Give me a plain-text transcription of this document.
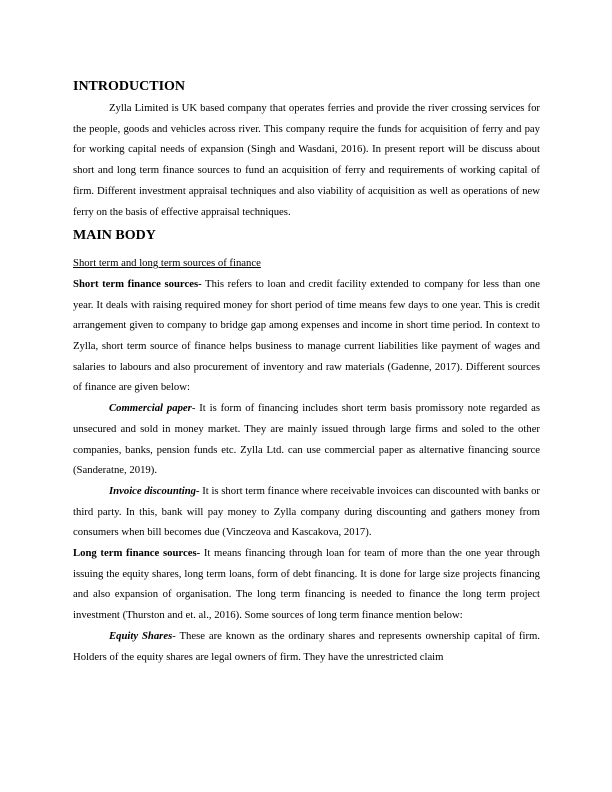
INTRODUCTION

Zylla Limited is UK based company that operates ferries and provide the river crossing services for the people, goods and vehicles across river. This company require the funds for acquisition of ferry and pay for working capital needs of expansion (Singh and Wasdani, 2016). In present report will be discuss about short and long term finance sources to fund an acquisition of ferry and requirements of working capital of firm. Different investment appraisal techniques and also viability of acquisition as well as operations of new ferry on the basis of effective appraisal techniques.

MAIN BODY

Short term and long term sources of finance

Short term finance sources- This refers to loan and credit facility extended to company for less than one year. It deals with raising required money for short period of time means few days to one year. This is credit arrangement given to company to bridge gap among expenses and income in short time period. In context to Zylla, short term source of finance helps business to manage current liabilities like payment of wages and salaries to labours and also procurement of inventory and raw materials (Gadenne, 2017). Different sources of finance are given below:

Commercial paper- It is form of financing includes short term basis promissory note regarded as unsecured and sold in money market. They are mainly issued through large firms and soled to the other companies, banks, pension funds etc. Zylla Ltd. can use commercial paper as alternative financing source (Sanderatne, 2019).

Invoice discounting- It is short term finance where receivable invoices can discounted with banks or third party. In this, bank will pay money to Zylla company during discounting and gathers money from consumers when bill becomes due (Vinczeova and Kascakova, 2017).

Long term finance sources- It means financing through loan for team of more than the one year through issuing the equity shares, long term loans, form of debt financing. It is done for large size projects financing and also expansion of organisation. The long term financing is needed to finance the long term project investment (Thurston and et. al., 2016). Some sources of long term finance mention below:

Equity Shares- These are known as the ordinary shares and represents ownership capital of firm. Holders of the equity shares are legal owners of firm. They have the unrestricted claim
